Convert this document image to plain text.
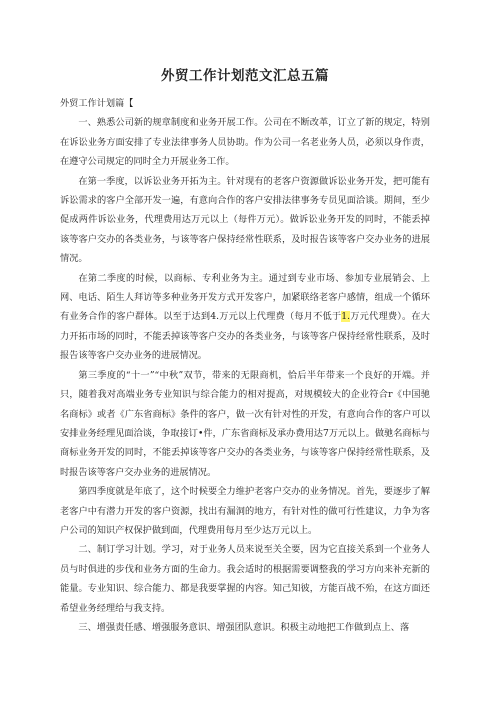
外贸工作计划范文汇总五篇

外贸工作计划篇【

一、熟悉公司新的规章制度和业务开展工作。公司在不断改革，订立了新的规定，特别在诉讼业务方面安排了专业法律事务人员协助。作为公司一名老业务人员，必须以身作责，在遵守公司规定的同时全力开展业务工作。

在第一季度，以诉讼业务开拓为主。针对现有的老客户资源做诉讼业务开发，把可能有诉讼需求的客户全部开发一遍，有意向合作的客户安排法律事务专员见面洽谈。期间，至少促成两件诉讼业务，代理费用达万元以上（每件万元）。做诉讼业务开发的同时，不能丢掉该等客户交办的各类业务，与该等客户保持经常性联系，及时报告该等客户交办业务的进展情况。

在第二季度的时候，以商标、专利业务为主。通过到专业市场、参加专业展销会、上网、电话、陌生人拜访等多种业务开发方式开发客户，加紧联络老客户感情，组成一个循环有业务合作的客户群体。以至于达到4.万元以上代理费（每月不低于1.万元代理费）。在大力开拓市场的同时，不能丢掉该等客户交办的各类业务，与该等客户保持经常性联系，及时报告该等客户交办业务的进展情况。

第三季度的“十一”“中秋”双节，带来的无限商机，恰后半年带来一个良好的开端。并只，随着我对高端业务专业知识与综合能力的相对提高，对规模较大的企业符合r《中国驰名商标》或者《广东省商标》条件的客户，做一次有针对性的开发，有意向合作的客户可以安排业务经理见面洽谈，争取接订•件，广东省商标及承办费用达7万元以上。做驰名商标与商标业务开发的同时，不能丢掉该等客户交办的各类业务，与该等客户保持经常性联系，及时报告该等客户交办业务的进展情况。

第四季度就是年底了，这个时候要全力维护老客户交办的业务情况。首先，要逐步了解老客户中有潜力开发的客户资源，找出有漏洞的地方，有针对性的做可行性建议，力争为客户公司的知识产权保护做到面，代理费用每月至少达万元以上。

二、制订学习计划。学习，对于业务人员来说至关全要，因为它直接关系到一个业务人员与时俱进的步伐和业务方面的生命力。我会适时的根据需要调整我的学习方向来补充新的能量。专业知识、综合能力、都是我要掌握的内容。知己知彼，方能百战不殆，在这方面还希望业务经理给与我支持。

三、增强责任感、增强服务意识、增强团队意识。积极主动地把工作做到点上、落
